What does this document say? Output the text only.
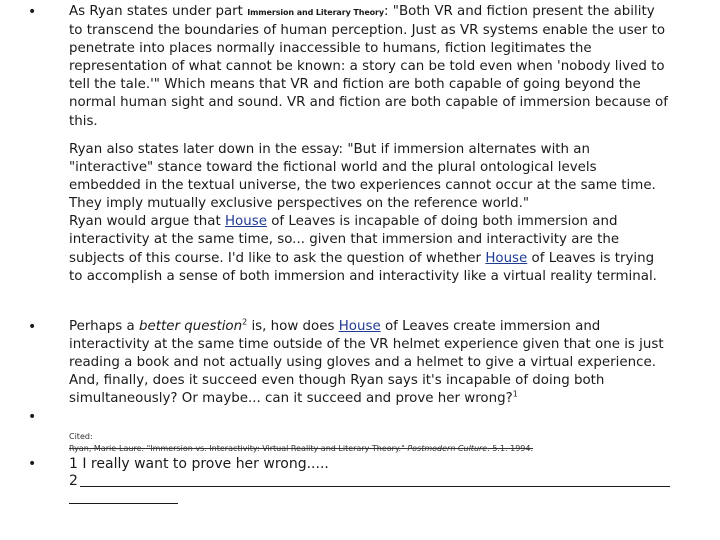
•
•
•
•
As Ryan states under part Immersion and Literary Theory: "Both VR and fiction present the ability to transcend the boundaries of human perception. Just as VR systems enable the user to penetrate into places normally inaccessible to humans, fiction legitimates the representation of what cannot be known: a story can be told even when 'nobody lived to tell the tale.'" Which means that VR and fiction are both capable of going beyond the normal human sight and sound. VR and fiction are both capable of immersion because of this.
Ryan also states later down in the essay: "But if immersion alternates with an "interactive" stance toward the fictional world and the plural ontological levels embedded in the textual universe, the two experiences cannot occur at the same time. They imply mutually exclusive perspectives on the reference world."
Ryan would argue that House of Leaves is incapable of doing both immersion and interactivity at the same time, so... given that immersion and interactivity are the subjects of this course. I'd like to ask the question of whether House of Leaves is trying to accomplish a sense of both immersion and interactivity like a virtual reality terminal.
Perhaps a better question$^2$ is, how does House of Leaves create immersion and interactivity at the same time outside of the VR helmet experience given that one is just reading a book and not actually using gloves and a helmet to give a virtual experience. And, finally, does it succeed even though Ryan says it's incapable of doing both simultaneously? Or maybe... can it succeed and prove her wrong?$^1$
Cited:
Ryan, Marie-Laure. "Immersion vs. Interactivity: Virtual Reality and Literary Theory." Postmodern Culture. 5.1. 1994.
1 I really want to prove her wrong.....
2
